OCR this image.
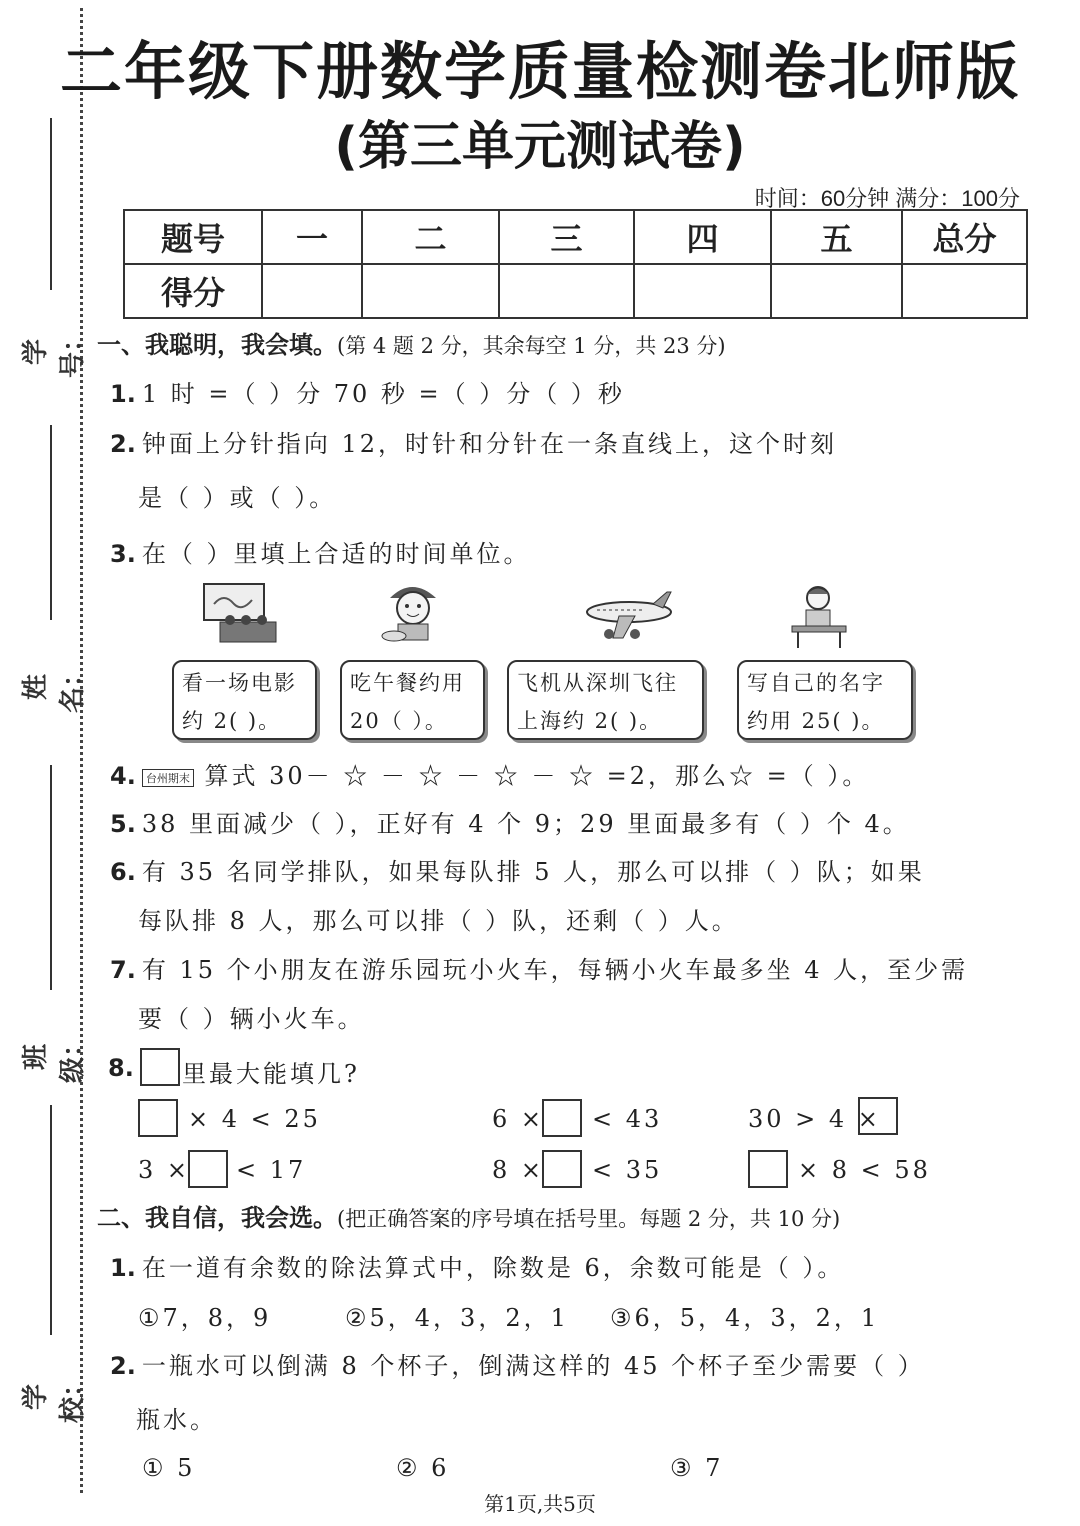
学号：
姓名：
班级：
学校：
二年级下册数学质量检测卷北师版
(第三单元测试卷)
时间：60分钟 满分：100分
题号	一	二	三	四	五	总分
得分						
一、我聪明，我会填。(第 4 题 2 分，其余每空 1 分，共 23 分)
1. 1 时 =（ ）分 70 秒 =（ ）分（ ）秒
2. 钟面上分针指向 12，时针和分针在一条直线上，这个时刻
是（ ）或（ ）。
3. 在（ ）里填上合适的时间单位。
看一场电影
约 2( )。
吃午餐约用
20（ ）。
飞机从深圳飞往
上海约 2( )。
写自己的名字
约用 25( )。
4. 台州期末 算式 30－ ☆ － ☆ － ☆ － ☆ =2，那么☆ =（ ）。
5. 38 里面减少（ ），正好有 4 个 9；29 里面最多有（ ）个 4。
6. 有 35 名同学排队，如果每队排 5 人，那么可以排（ ）队；如果
每队排 8 人，那么可以排（ ）队，还剩（ ）人。
7. 有 15 个小朋友在游乐园玩小火车，每辆小火车最多坐 4 人，至少需
要（ ）辆小火车。
8. 里最大能填几?
× 4 < 25	6 × < 43	30 > 4 ×
3 × < 17	8 × < 35	× 8 < 58
二、我自信，我会选。(把正确答案的序号填在括号里。每题 2 分，共 10 分)
1. 在一道有余数的除法算式中，除数是 6，余数可能是（ ）。
①7，8，9	②5，4，3，2，1 ③6，5，4，3，2，1
2. 一瓶水可以倒满 8 个杯子，倒满这样的 45 个杯子至少需要（ ）
瓶水。
① 5	② 6	③ 7
第1页,共5页
